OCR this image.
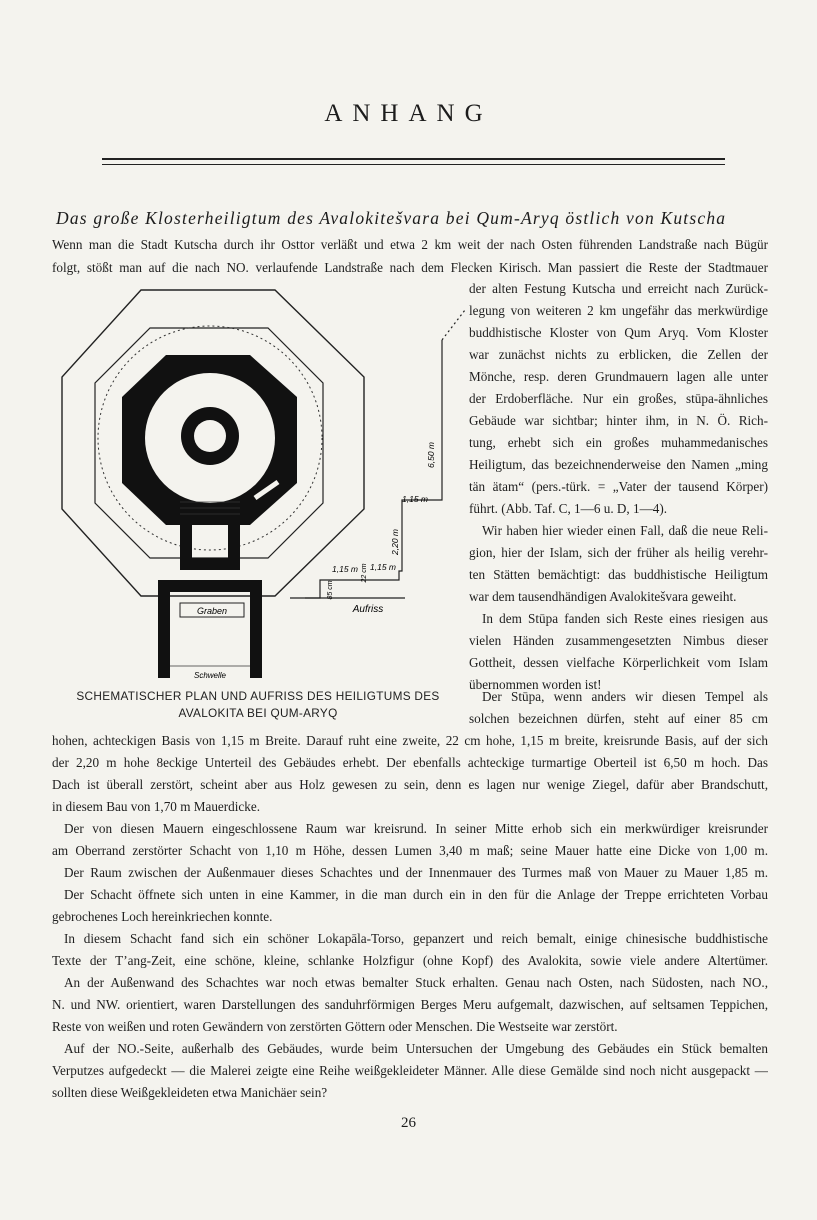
ANHANG
Das große Klosterheiligtum des Avalokitešvara bei Qum-Aryq östlich von Kutscha
Graben
Schwelle
6,50 m
1,15 m
2,20 m
22 cm 1,15 m
1,15 m
85 cm
Aufriss
SCHEMATISCHER PLAN UND AUFRISS DES HEILIGTUMS DES
AVALOKITA BEI QUM-ARYQ
Wenn man die Stadt Kutscha durch ihr Osttor verläßt und etwa 2 km weit der nach Osten führenden Landstraße nach Bügür
folgt, stößt man auf die nach NO. verlaufende Landstraße nach dem Flecken Kirisch. Man passiert die Reste der Stadtmauer
der alten Festung Kutscha und erreicht nach Zurück-
legung von weiteren 2 km ungefähr das merkwürdige
buddhistische Kloster von Qum Aryq. Vom Kloster
war zunächst nichts zu erblicken, die Zellen der
Mönche, resp. deren Grundmauern lagen alle unter
der Erdoberfläche. Nur ein großes, stūpa-ähnliches
Gebäude war sichtbar; hinter ihm, in N. Ö. Rich-
tung, erhebt sich ein großes muhammedanisches
Heiligtum, das bezeichnenderweise den Namen „ming
tän ätam“ (pers.-türk. = „Vater der tausend Körper)
führt. (Abb. Taf. C, 1—6 u. D, 1—4).
Wir haben hier wieder einen Fall, daß die neue Reli-
gion, hier der Islam, sich der früher als heilig verehr-
ten Stätten bemächtigt: das buddhistische Heiligtum
war dem tausendhändigen Avalokitešvara geweiht.
In dem Stūpa fanden sich Reste eines riesigen aus
vielen Händen zusammengesetzten Nimbus dieser
Gottheit, dessen vielfache Körperlichkeit vom Islam
übernommen worden ist!
Der Stūpa, wenn anders wir diesen Tempel als
solchen bezeichnen dürfen, steht auf einer 85 cm
hohen, achteckigen Basis von 1,15 m Breite. Darauf ruht eine zweite, 22 cm hohe, 1,15 m breite, kreisrunde Basis, auf der sich
der 2,20 m hohe 8eckige Unterteil des Gebäudes erhebt. Der ebenfalls achteckige turmartige Oberteil ist 6,50 m hoch. Das
Dach ist überall zerstört, scheint aber aus Holz gewesen zu sein, denn es lagen nur wenige Ziegel, dafür aber Brandschutt,
in diesem Bau von 1,70 m Mauerdicke.
Der von diesen Mauern eingeschlossene Raum war kreisrund. In seiner Mitte erhob sich ein merkwürdiger kreisrunder
am Oberrand zerstörter Schacht von 1,10 m Höhe, dessen Lumen 3,40 m maß; seine Mauer hatte eine Dicke von 1,00 m.
Der Raum zwischen der Außenmauer dieses Schachtes und der Innenmauer des Turmes maß von Mauer zu Mauer 1,85 m.
Der Schacht öffnete sich unten in eine Kammer, in die man durch ein in den für die Anlage der Treppe errichteten Vorbau
gebrochenes Loch hereinkriechen konnte.
In diesem Schacht fand sich ein schöner Lokapāla-Torso, gepanzert und reich bemalt, einige chinesische buddhistische
Texte der T’ang-Zeit, eine schöne, kleine, schlanke Holzfigur (ohne Kopf) des Avalokita, sowie viele andere Altertümer.
An der Außenwand des Schachtes war noch etwas bemalter Stuck erhalten. Genau nach Osten, nach Südosten, nach NO.,
N. und NW. orientiert, waren Darstellungen des sanduhrförmigen Berges Meru aufgemalt, dazwischen, auf seltsamen Teppichen,
Reste von weißen und roten Gewändern von zerstörten Göttern oder Menschen. Die Westseite war zerstört.
Auf der NO.-Seite, außerhalb des Gebäudes, wurde beim Untersuchen der Umgebung des Gebäudes ein Stück bemalten
Verputzes aufgedeckt — die Malerei zeigte eine Reihe weißgekleideter Männer. Alle diese Gemälde sind noch nicht ausgepackt —
sollten diese Weißgekleideten etwa Manichäer sein?
26
